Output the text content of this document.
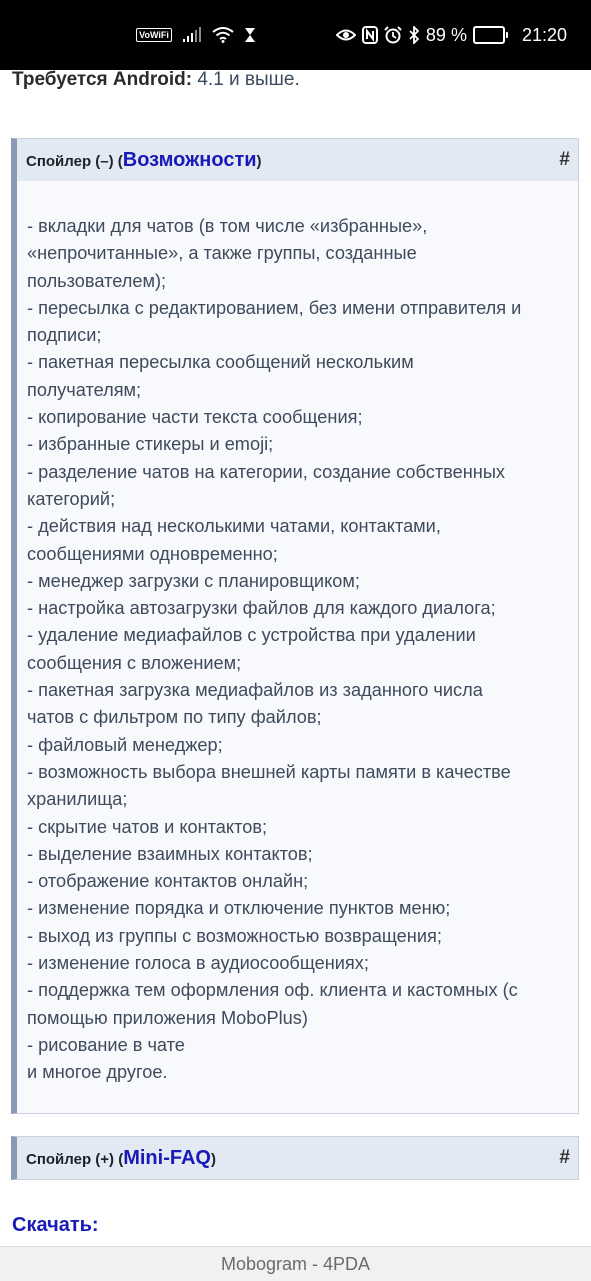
VoWiFi	89 %	21:20
Требуется Android: 4.1 и выше.
Спойлер (–) (Возможности)	#
- вкладки для чатов (в том числе «избранные»,
«непрочитанные», а также группы, созданные
пользователем);
- пересылка с редактированием, без имени отправителя и
подписи;
- пакетная пересылка сообщений нескольким
получателям;
- копирование части текста сообщения;
- избранные стикеры и emoji;
- разделение чатов на категории, создание собственных
категорий;
- действия над несколькими чатами, контактами,
сообщениями одновременно;
- менеджер загрузки с планировщиком;
- настройка автозагрузки файлов для каждого диалога;
- удаление медиафайлов с устройства при удалении
сообщения с вложением;
- пакетная загрузка медиафайлов из заданного числа
чатов с фильтром по типу файлов;
- файловый менеджер;
- возможность выбора внешней карты памяти в качестве
хранилища;
- скрытие чатов и контактов;
- выделение взаимных контактов;
- отображение контактов онлайн;
- изменение порядка и отключение пунктов меню;
- выход из группы с возможностью возвращения;
- изменение голоса в аудиосообщениях;
- поддержка тем оформления оф. клиента и кастомных (с
помощью приложения MoboPlus)
- рисование в чате
и многое другое.
Спойлер (+) (Mini-FAQ)	#
Скачать:
Mobogram - 4PDA
